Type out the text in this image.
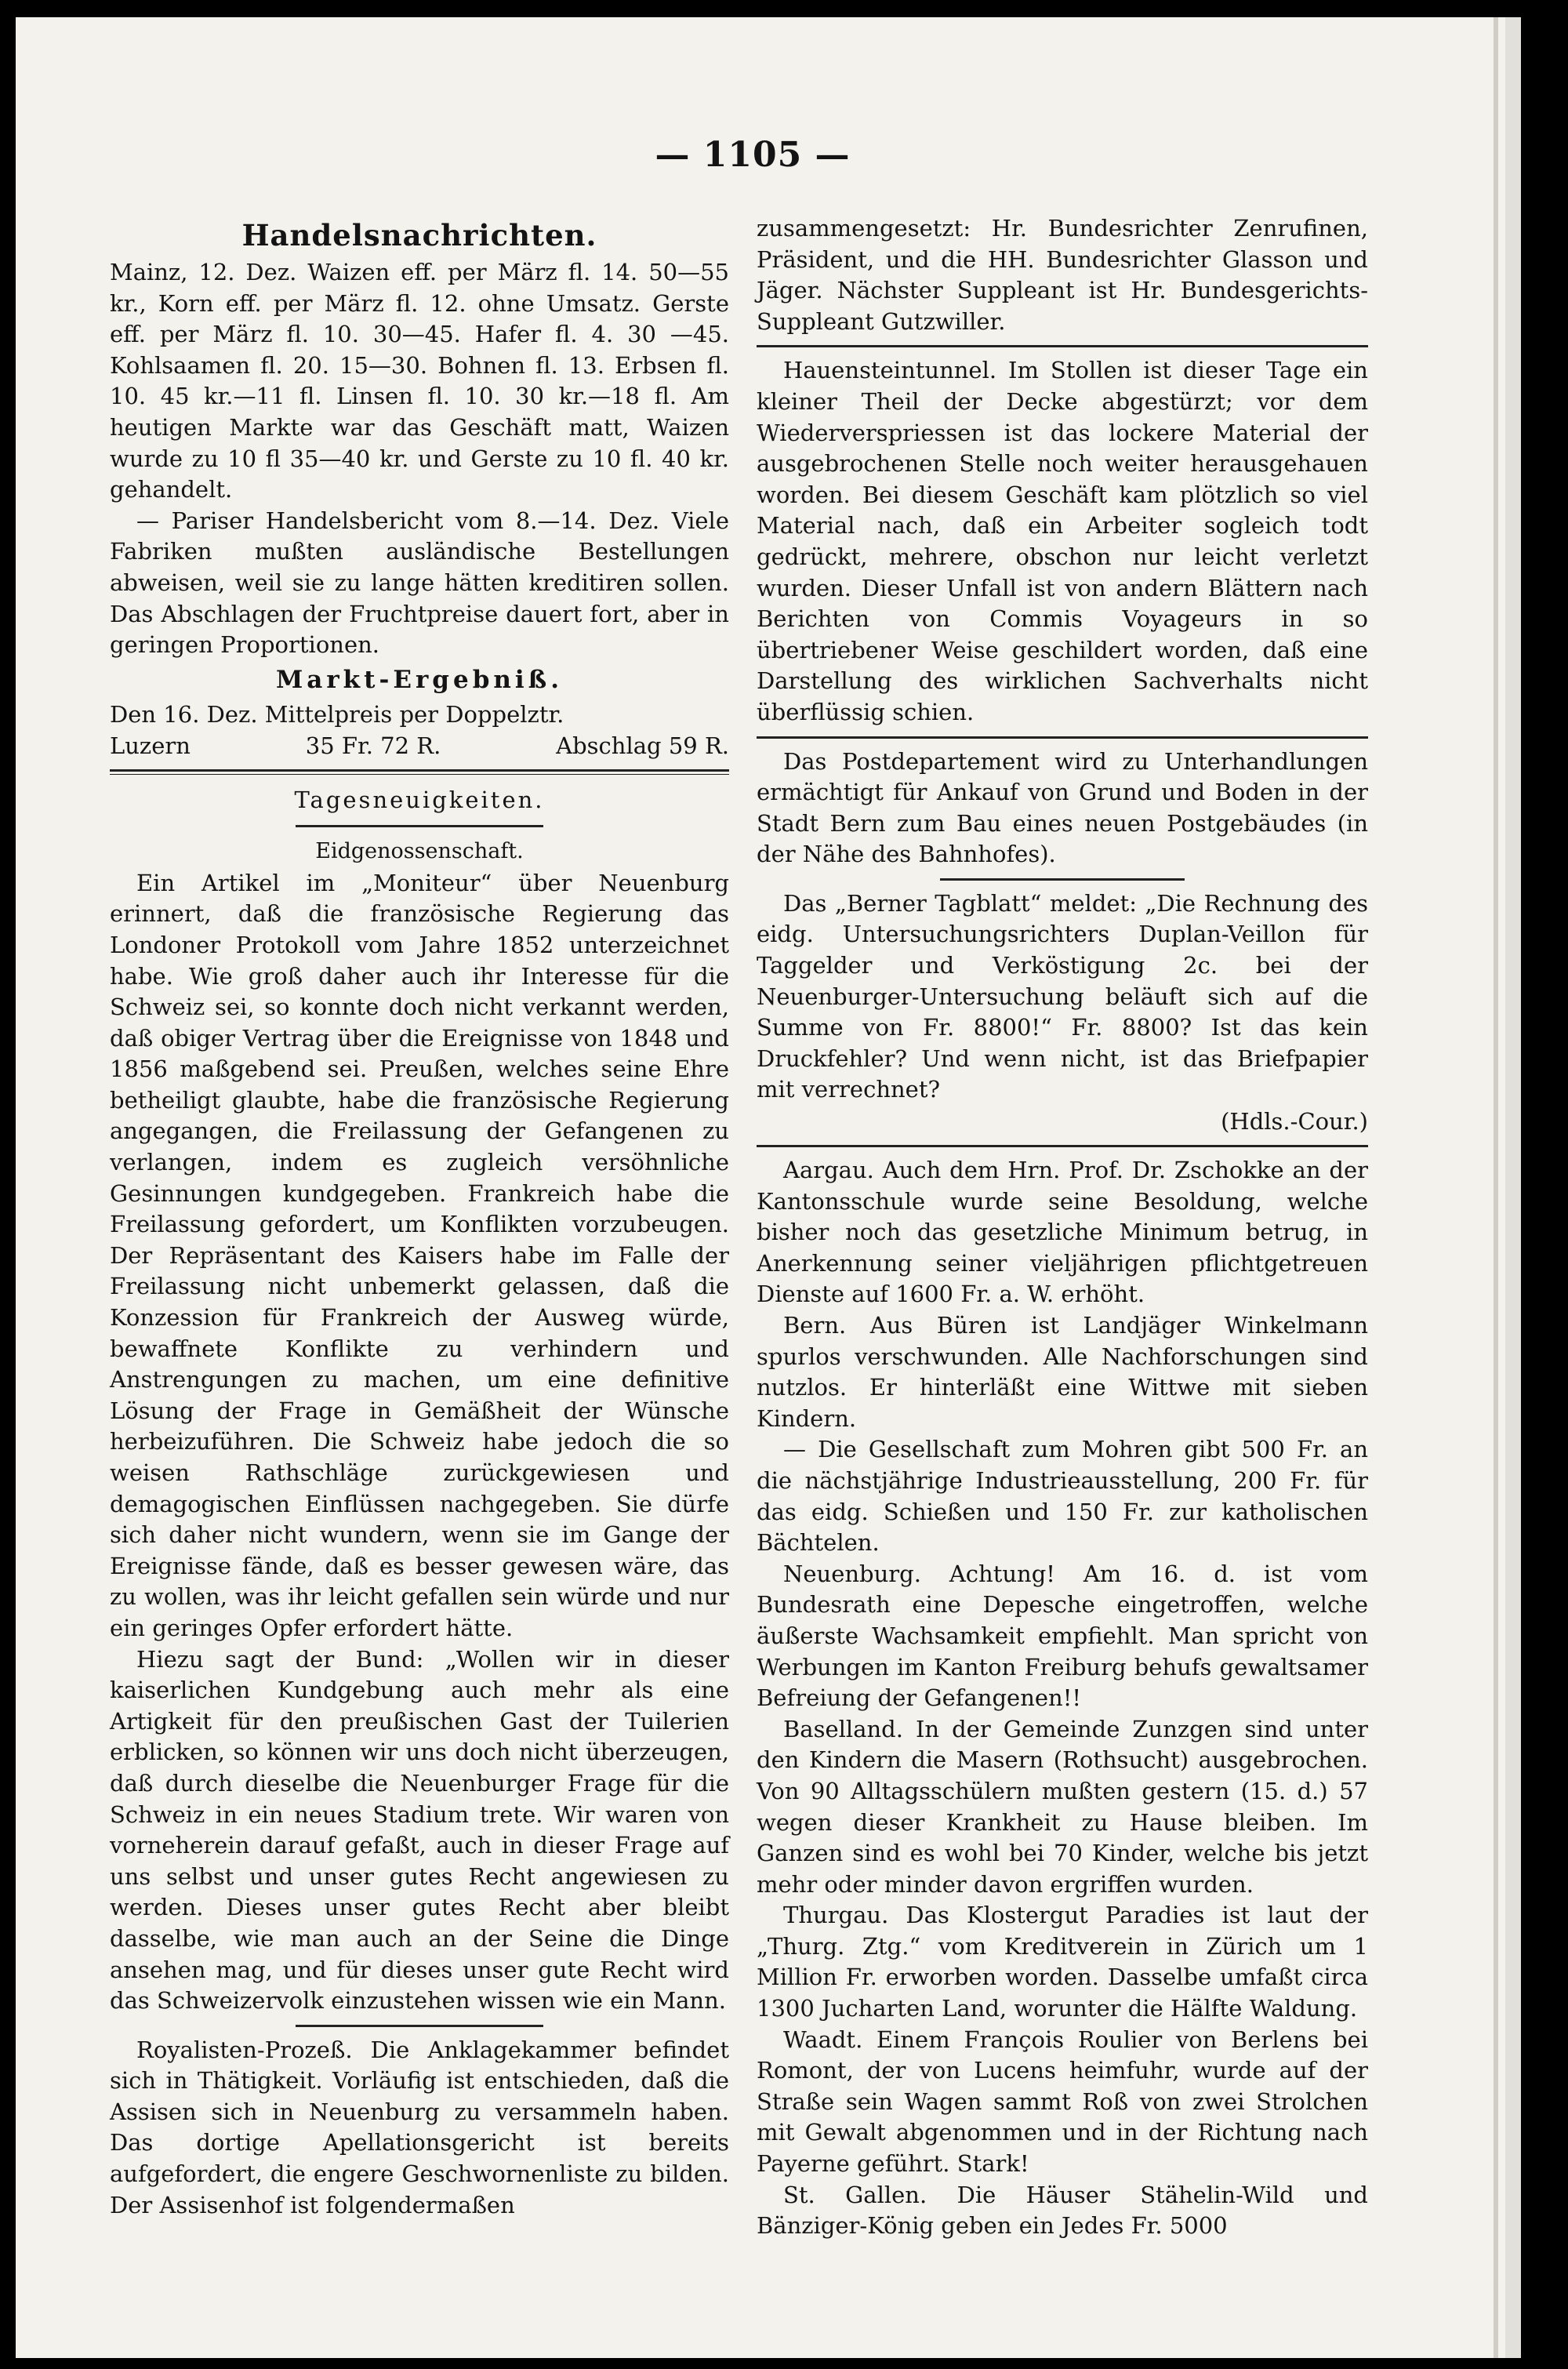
— 1105 —
Handelsnachrichten.

Mainz, 12. Dez. Waizen eff. per März fl. 14. 50—55 kr., Korn eff. per März fl. 12. ohne Umsatz. Gerste eff. per März fl. 10. 30—45. Hafer fl. 4. 30 —45. Kohlsaamen fl. 20. 15—30. Bohnen fl. 13. Erbsen fl. 10. 45 kr.—11 fl. Linsen fl. 10. 30 kr.—18 fl. Am heutigen Markte war das Geschäft matt, Waizen wurde zu 10 fl 35—40 kr. und Gerste zu 10 fl. 40 kr. gehandelt.

— Pariser Handelsbericht vom 8.—14. Dez. Viele Fabriken mußten ausländische Bestellungen abweisen, weil sie zu lange hätten kreditiren sollen. Das Abschlagen der Fruchtpreise dauert fort, aber in geringen Proportionen.

Markt-Ergebniß.
Den 16. Dez. Mittelpreis per Doppelztr.
Luzern	35 Fr. 72 R.	Abschlag 59 R.
Tagesneuigkeiten.
Eidgenossenschaft.

Ein Artikel im „Moniteur“ über Neuenburg erinnert, daß die französische Regierung das Londoner Protokoll vom Jahre 1852 unterzeichnet habe. Wie groß daher auch ihr Interesse für die Schweiz sei, so konnte doch nicht verkannt werden, daß obiger Vertrag über die Ereignisse von 1848 und 1856 maßgebend sei. Preußen, welches seine Ehre betheiligt glaubte, habe die französische Regierung angegangen, die Freilassung der Gefangenen zu verlangen, indem es zugleich versöhnliche Gesinnungen kundgegeben. Frankreich habe die Freilassung gefordert, um Konflikten vorzubeugen. Der Repräsentant des Kaisers habe im Falle der Freilassung nicht unbemerkt gelassen, daß die Konzession für Frankreich der Ausweg würde, bewaffnete Konflikte zu verhindern und Anstrengungen zu machen, um eine definitive Lösung der Frage in Gemäßheit der Wünsche herbeizuführen. Die Schweiz habe jedoch die so weisen Rathschläge zurückgewiesen und demagogischen Einflüssen nachgegeben. Sie dürfe sich daher nicht wundern, wenn sie im Gange der Ereignisse fände, daß es besser gewesen wäre, das zu wollen, was ihr leicht gefallen sein würde und nur ein geringes Opfer erfordert hätte.

Hiezu sagt der Bund: „Wollen wir in dieser kaiserlichen Kundgebung auch mehr als eine Artigkeit für den preußischen Gast der Tuilerien erblicken, so können wir uns doch nicht überzeugen, daß durch dieselbe die Neuenburger Frage für die Schweiz in ein neues Stadium trete. Wir waren von vorneherein darauf gefaßt, auch in dieser Frage auf uns selbst und unser gutes Recht angewiesen zu werden. Dieses unser gutes Recht aber bleibt dasselbe, wie man auch an der Seine die Dinge ansehen mag, und für dieses unser gute Recht wird das Schweizervolk einzustehen wissen wie ein Mann.

Royalisten-Prozeß. Die Anklagekammer befindet sich in Thätigkeit. Vorläufig ist entschieden, daß die Assisen sich in Neuenburg zu versammeln haben. Das dortige Apellationsgericht ist bereits aufgefordert, die engere Geschwornenliste zu bilden. Der Assisenhof ist folgendermaßen

zusammengesetzt: Hr. Bundesrichter Zenrufinen, Präsident, und die HH. Bundesrichter Glasson und Jäger. Nächster Suppleant ist Hr. Bundesgerichts-Suppleant Gutzwiller.

Hauensteintunnel. Im Stollen ist dieser Tage ein kleiner Theil der Decke abgestürzt; vor dem Wiederverspriessen ist das lockere Material der ausgebrochenen Stelle noch weiter herausgehauen worden. Bei diesem Geschäft kam plötzlich so viel Material nach, daß ein Arbeiter sogleich todt gedrückt, mehrere, obschon nur leicht verletzt wurden. Dieser Unfall ist von andern Blättern nach Berichten von Commis Voyageurs in so übertriebener Weise geschildert worden, daß eine Darstellung des wirklichen Sachverhalts nicht überflüssig schien.

Das Postdepartement wird zu Unterhandlungen ermächtigt für Ankauf von Grund und Boden in der Stadt Bern zum Bau eines neuen Postgebäudes (in der Nähe des Bahnhofes).

Das „Berner Tagblatt“ meldet: „Die Rechnung des eidg. Untersuchungsrichters Duplan-Veillon für Taggelder und Verköstigung 2c. bei der Neuenburger-Untersuchung beläuft sich auf die Summe von Fr. 8800!“ Fr. 8800? Ist das kein Druckfehler? Und wenn nicht, ist das Briefpapier mit verrechnet?

(Hdls.-Cour.)

Aargau. Auch dem Hrn. Prof. Dr. Zschokke an der Kantonsschule wurde seine Besoldung, welche bisher noch das gesetzliche Minimum betrug, in Anerkennung seiner vieljährigen pflichtgetreuen Dienste auf 1600 Fr. a. W. erhöht.

Bern. Aus Büren ist Landjäger Winkelmann spurlos verschwunden. Alle Nachforschungen sind nutzlos. Er hinterläßt eine Wittwe mit sieben Kindern.

— Die Gesellschaft zum Mohren gibt 500 Fr. an die nächstjährige Industrieausstellung, 200 Fr. für das eidg. Schießen und 150 Fr. zur katholischen Bächtelen.

Neuenburg. Achtung! Am 16. d. ist vom Bundesrath eine Depesche eingetroffen, welche äußerste Wachsamkeit empfiehlt. Man spricht von Werbungen im Kanton Freiburg behufs gewaltsamer Befreiung der Gefangenen!!

Baselland. In der Gemeinde Zunzgen sind unter den Kindern die Masern (Rothsucht) ausgebrochen. Von 90 Alltagsschülern mußten gestern (15. d.) 57 wegen dieser Krankheit zu Hause bleiben. Im Ganzen sind es wohl bei 70 Kinder, welche bis jetzt mehr oder minder davon ergriffen wurden.

Thurgau. Das Klostergut Paradies ist laut der „Thurg. Ztg.“ vom Kreditverein in Zürich um 1 Million Fr. erworben worden. Dasselbe umfaßt circa 1300 Jucharten Land, worunter die Hälfte Waldung.

Waadt. Einem François Roulier von Berlens bei Romont, der von Lucens heimfuhr, wurde auf der Straße sein Wagen sammt Roß von zwei Strolchen mit Gewalt abgenommen und in der Richtung nach Payerne geführt. Stark!

St. Gallen. Die Häuser Stähelin-Wild und Bänziger-König geben ein Jedes Fr. 5000
